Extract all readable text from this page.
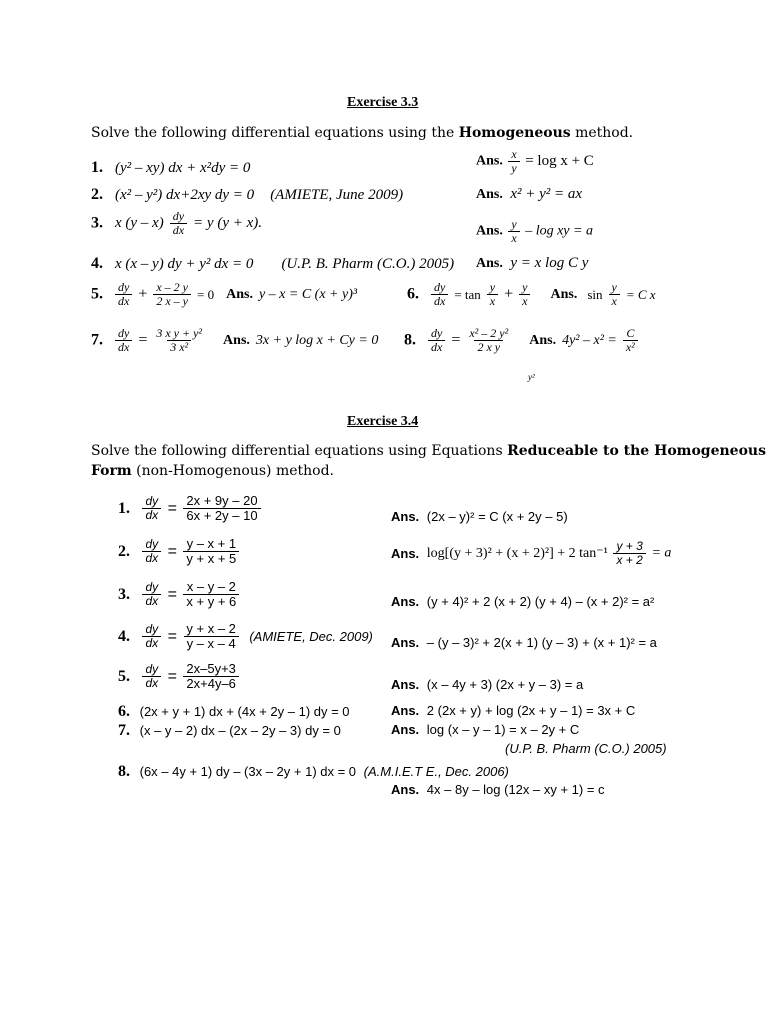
Exercise 3.3
Solve the following differential equations using the Homogeneous method.
1. (y² – xy) dx + x²dy = 0	Ans. $\frac{x}{y} = \log x + C$
2. (x² – y²) dx+2xy dy = 0 (AMIETE, June 2009)	Ans. x² + y² = ax
3. x $(y - x) \frac{dy}{dx} = y$ (y + x).	Ans. $\frac{y}{x}$ – log xy = a
4. x (x – y) dy + y² dx = 0 (U.P. B. Pharm (C.O.) 2005) Ans. y = x log C y
5. $\frac{dy}{dx} + \frac{x - 2 y}{2 x - y} = 0$ Ans. y – x = C (x + y)³	6. $\frac{dy}{dx} = \tan \frac{y}{x} + \frac{y}{x}$ Ans. $\sin \frac{y}{x} = C$ x
7. $\frac{dy}{dx} = \frac{\text{3 x y + y²}}{\text{3 x²}}$ Ans. 3x + y log x + Cy = 0 8. $\frac{dy}{dx} = \frac{\text{x² – 2 y²}}{\text{2 x y}}$ Ans. $4y^2 - x^2 = \frac{C}{\text{x²}}$
y²
Exercise 3.4
Solve the following differential equations using Equations Reduceable to the Homogeneous
Form (non-Homogenous) method.
1. $\frac{dy}{dx} = \frac{2x + 9y - 20}{6x + 2y - 10}$	Ans. (2x – y)² = C (x + 2y – 5)
2. $\frac{dy}{dx} = \frac{y - x + 1}{y + x + 5}$	Ans. log[(y + 3)² + (x + 2)²] + 2 $\tan^{-1} \frac{y + 3}{x + 2} = a$
3. $\frac{dy}{dx} = \frac{x - y - 2}{x + y + 6}$	Ans. (y + 4)² + 2 (x + 2) (y + 4) – (x + 2)² = a²
4. $\frac{dy}{dx} = \frac{y + x - 2}{y - x - 4}$ (AMIETE, Dec. 2009) Ans. – (y – 3)² + 2(x + 1) (y – 3) + (x + 1)² = a
5. $\frac{dy}{dx} = \frac{2x-5y+3}{2x+4y-6}$	Ans. (x – 4y + 3) (2x + y – 3) = a
6. (2x + y + 1) dx + (4x + 2y – 1) dy = 0	Ans. 2 (2x + y) + log (2x + y – 1) = 3x + C
7. (x – y – 2) dx – (2x – 2y – 3) dy = 0	Ans. log (x – y – 1) = x – 2y + C
(U.P. B. Pharm (C.O.) 2005)
8. (6x – 4y + 1) dy – (3x – 2y + 1) dx = 0 (A.M.I.E.T E., Dec. 2006)
Ans. 4x – 8y – log (12x – xy + 1) = c
